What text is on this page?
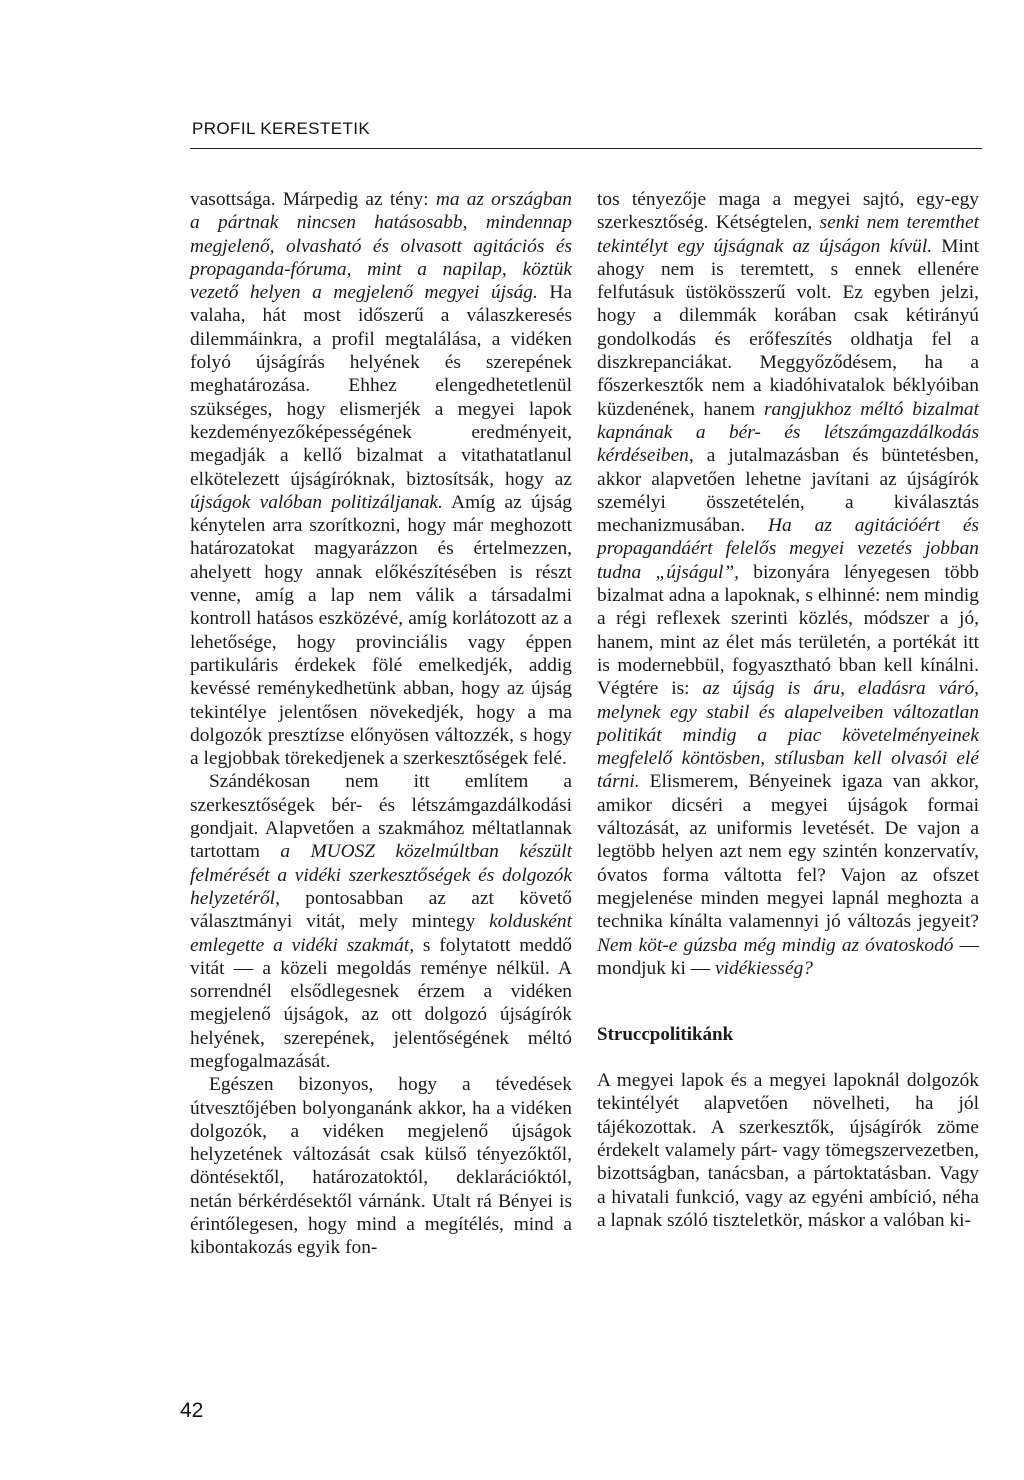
PROFIL KERESTETIK

vasottsága. Márpedig az tény: ma az országban a pártnak nincsen hatásosabb, mindennap megjelenő, olvasható és olvasott agitációs és propaganda-fóruma, mint a napilap, köztük vezető helyen a megjelenő megyei újság. Ha valaha, hát most időszerű a válaszkeresés dilemmáinkra, a profil megtalálása, a vidéken folyó újságírás helyének és szerepének meghatározása. Ehhez elengedhetetlenül szükséges, hogy elismerjék a megyei lapok kezdeményezőképességének eredményeit, megadják a kellő bizalmat a vitathatatlanul elkötelezett újságíróknak, biztosítsák, hogy az újságok valóban politizáljanak. Amíg az újság kénytelen arra szorítkozni, hogy már meghozott határozatokat magyarázzon és értelmezzen, ahelyett hogy annak előkészítésében is részt venne, amíg a lap nem válik a társadalmi kontroll hatásos eszközévé, amíg korlátozott az a lehetősége, hogy provinciális vagy éppen partikuláris érdekek fölé emelkedjék, addig kevéssé reménykedhetünk abban, hogy az újság tekintélye jelentősen növekedjék, hogy a ma dolgozók presztízse előnyösen változzék, s hogy a legjobbak törekedjenek a szerkesztőségek felé.

Szándékosan nem itt említem a szerkesztőségek bér- és létszámgazdálkodási gondjait. Alapvetően a szakmához méltatlannak tartottam a MUOSZ közelmúltban készült felmérését a vidéki szerkesztőségek és dolgozók helyzetéről, pontosabban az azt követő választmányi vitát, mely mintegy koldusként emlegette a vidéki szakmát, s folytatott meddő vitát — a közeli megoldás reménye nélkül. A sorrendnél elsődlegesnek érzem a vidéken megjelenő újságok, az ott dolgozó újságírók helyének, szerepének, jelentőségének méltó megfogalmazását.

Egészen bizonyos, hogy a tévedések útvesztőjében bolyonganánk akkor, ha a vidéken dolgozók, a vidéken megjelenő újságok helyzetének változását csak külső tényezőktől, döntésektől, határozatoktól, deklarációktól, netán bérkérdésektől várnánk. Utalt rá Bényei is érintőlegesen, hogy mind a megítélés, mind a kibontakozás egyik fon-

tos tényezője maga a megyei sajtó, egy-egy szerkesztőség. Kétségtelen, senki nem teremthet tekintélyt egy újságnak az újságon kívül. Mint ahogy nem is teremtett, s ennek ellenére felfutásuk üstökösszerű volt. Ez egyben jelzi, hogy a dilemmák korában csak kétirányú gondolkodás és erőfeszítés oldhatja fel a diszkrepanciákat. Meggyőződésem, ha a főszerkesztők nem a kiadóhivatalok béklyóiban küzdenének, hanem rangjukhoz méltó bizalmat kapnának a bér- és létszámgazdálkodás kérdéseiben, a jutalmazásban és büntetésben, akkor alapvetően lehetne javítani az újságírók személyi összetételén, a kiválasztás mechanizmusában. Ha az agitációért és propagandáért felelős megyei vezetés jobban tudna „újságul”, bizonyára lényegesen több bizalmat adna a lapoknak, s elhinné: nem mindig a régi reflexek szerinti közlés, módszer a jó, hanem, mint az élet más területén, a portékát itt is modernebbül, fogyasztható bban kell kínálni. Végtére is: az újság is áru, eladásra váró, melynek egy stabil és alapelveiben változatlan politikát mindig a piac követelményeinek megfelelő köntösben, stílusban kell olvasói elé tárni. Elismerem, Bényeinek igaza van akkor, amikor dicséri a megyei újságok formai változását, az uniformis levetését. De vajon a legtöbb helyen azt nem egy szintén konzervatív, óvatos forma váltotta fel? Vajon az ofszet megjelenése minden megyei lapnál meghozta a technika kínálta valamennyi jó változás jegyeit? Nem köt-e gúzsba még mindig az óvatoskodó — mondjuk ki — vidékiesség?

Struccpolitikánk

A megyei lapok és a megyei lapoknál dolgozók tekintélyét alapvetően növelheti, ha jól tájékozottak. A szerkesztők, újságírók zöme érdekelt valamely párt- vagy tömegszervezetben, bizottságban, tanácsban, a pártoktatásban. Vagy a hivatali funkció, vagy az egyéni ambíció, néha a lapnak szóló tiszteletkör, máskor a valóban ki-

42
